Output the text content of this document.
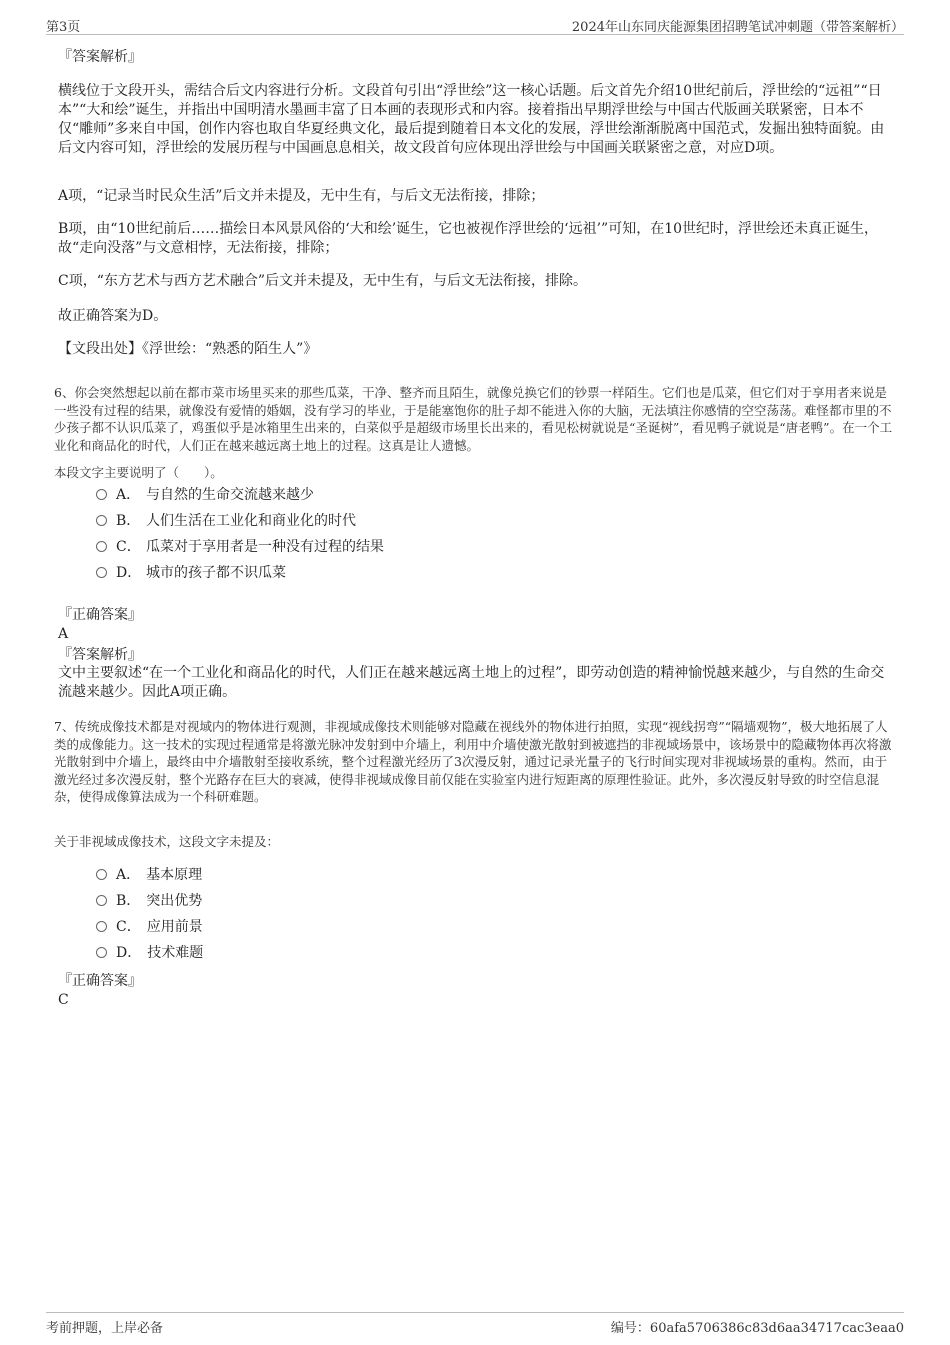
第3页	2024年山东同庆能源集团招聘笔试冲刺题（带答案解析）
『答案解析』
横线位于文段开头，需结合后文内容进行分析。文段首句引出“浮世绘”这一核心话题。后文首先介绍10世纪前后，浮世绘的“远祖”“日本”“大和绘”诞生，并指出中国明清水墨画丰富了日本画的表现形式和内容。接着指出早期浮世绘与中国古代版画关联紧密，日本不仅“雕师”多来自中国，创作内容也取自华夏经典文化，最后提到随着日本文化的发展，浮世绘渐渐脱离中国范式，发掘出独特面貌。由后文内容可知，浮世绘的发展历程与中国画息息相关，故文段首句应体现出浮世绘与中国画关联紧密之意，对应D项。
A项，“记录当时民众生活”后文并未提及，无中生有，与后文无法衔接，排除；
B项，由“10世纪前后……描绘日本风景风俗的‘大和绘’诞生，它也被视作浮世绘的‘远祖’”可知，在10世纪时，浮世绘还未真正诞生，故“走向没落”与文意相悖，无法衔接，排除；
C项，“东方艺术与西方艺术融合”后文并未提及，无中生有，与后文无法衔接，排除。
故正确答案为D。
【文段出处】《浮世绘：“熟悉的陌生人”》
6、你会突然想起以前在都市菜市场里买来的那些瓜菜，干净、整齐而且陌生，就像兑换它们的钞票一样陌生。它们也是瓜菜，但它们对于享用者来说是一些没有过程的结果，就像没有爱情的婚姻，没有学习的毕业，于是能塞饱你的肚子却不能进入你的大脑，无法填注你感情的空空荡荡。难怪都市里的不少孩子都不认识瓜菜了，鸡蛋似乎是冰箱里生出来的，白菜似乎是超级市场里长出来的，看见松树就说是“圣诞树”，看见鸭子就说是“唐老鸭”。在一个工业化和商品化的时代，人们正在越来越远离土地上的过程。这真是让人遗憾。
本段文字主要说明了（　　）。
A． 与自然的生命交流越来越少
B． 人们生活在工业化和商业化的时代
C． 瓜菜对于享用者是一种没有过程的结果
D． 城市的孩子都不识瓜菜
『正确答案』
A
『答案解析』
文中主要叙述“在一个工业化和商品化的时代，人们正在越来越远离土地上的过程”，即劳动创造的精神愉悦越来越少，与自然的生命交流越来越少。因此A项正确。
7、传统成像技术都是对视域内的物体进行观测，非视域成像技术则能够对隐藏在视线外的物体进行拍照，实现“视线拐弯”“隔墙观物”，极大地拓展了人类的成像能力。这一技术的实现过程通常是将激光脉冲发射到中介墙上，利用中介墙使激光散射到被遮挡的非视域场景中，该场景中的隐藏物体再次将激光散射到中介墙上，最终由中介墙散射至接收系统，整个过程激光经历了3次漫反射，通过记录光量子的飞行时间实现对非视域场景的重构。然而，由于激光经过多次漫反射，整个光路存在巨大的衰减，使得非视域成像目前仅能在实验室内进行短距离的原理性验证。此外，多次漫反射导致的时空信息混杂，使得成像算法成为一个科研难题。
关于非视域成像技术，这段文字未提及：
A． 基本原理
B． 突出优势
C． 应用前景
D． 技术难题
『正确答案』
C
考前押题，上岸必备	编号：60afa5706386c83d6aa34717cac3eaa0
